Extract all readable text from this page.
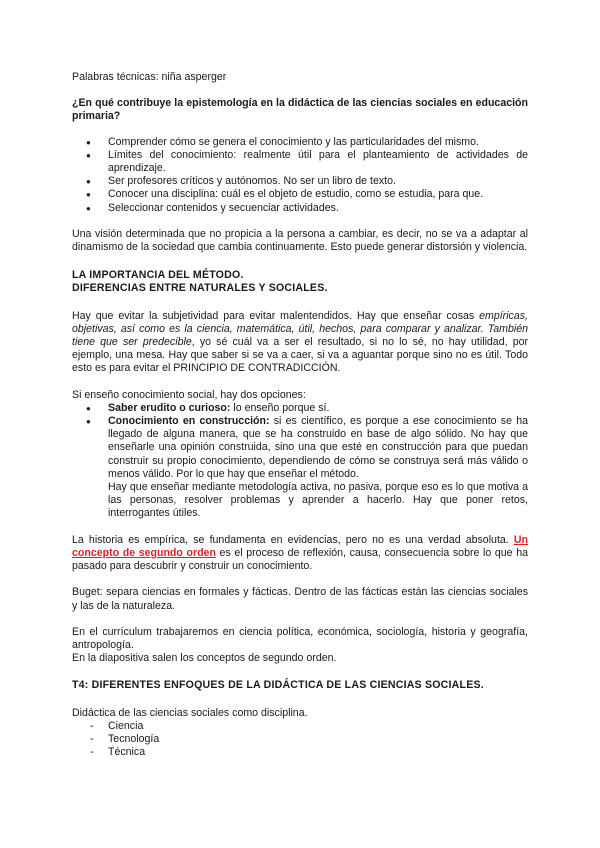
Palabras técnicas: niña asperger

¿En qué contribuye la epistemología en la didáctica de las ciencias sociales en educación primaria?

● Comprender cómo se genera el conocimiento y las particularidades del mismo.
● Límites del conocimiento: realmente útil para el planteamiento de actividades de aprendizaje.
● Ser profesores críticos y autónomos. No ser un libro de texto.
● Conocer una disciplina: cuál es el objeto de estudio, como se estudia, para que.
● Seleccionar contenidos y secuenciar actividades.

Una visión determinada que no propicia a la persona a cambiar, es decir, no se va a adaptar al dinamismo de la sociedad que cambia continuamente. Esto puede generar distorsión y violencia.

LA IMPORTANCIA DEL MÉTODO.

DIFERENCIAS ENTRE NATURALES Y SOCIALES.

Hay que evitar la subjetividad para evitar malentendidos. Hay que enseñar cosas empíricas, objetivas, así como es la ciencia, matemática, útil, hechos, para comparar y analizar. También tiene que ser predecible, yo sé cuál va a ser el resultado, si no lo sé, no hay utilidad, por ejemplo, una mesa. Hay que saber si se va a caer, si va a aguantar porque sino no es útil. Todo esto es para evitar el PRINCIPIO DE CONTRADICCIÓN.

Si enseño conocimiento social, hay dos opciones:

● Saber erudito o curioso: lo enseño porque sí.
● Conocimiento en construcción: si es científico, es porque a ese conocimiento se ha llegado de alguna manera, que se ha construido en base de algo sólido. No hay que enseñarle una opinión construida, sino una que esté en construcción para que puedan construir su propio conocimiento, dependiendo de cómo se construya será más válido o menos válido. Por lo que hay que enseñar el método.
Hay que enseñar mediante metodología activa, no pasiva, porque eso es lo que motiva a las personas, resolver problemas y aprender a hacerlo. Hay que poner retos, interrogantes útiles.

La historia es empírica, se fundamenta en evidencias, pero no es una verdad absoluta. Un concepto de segundo orden es el proceso de reflexión, causa, consecuencia sobre lo que ha pasado para descubrir y construir un conocimiento.

Buget: separa ciencias en formales y fácticas. Dentro de las fácticas están las ciencias sociales y las de la naturaleza.

En el currículum trabajaremos en ciencia política, económica, sociología, historia y geografía, antropología.

En la diapositiva salen los conceptos de segundo orden.

T4: DIFERENTES ENFOQUES DE LA DIDÁCTICA DE LAS CIENCIAS SOCIALES.

Didáctica de las ciencias sociales como disciplina.

- Ciencia
- Tecnología
- Técnica
